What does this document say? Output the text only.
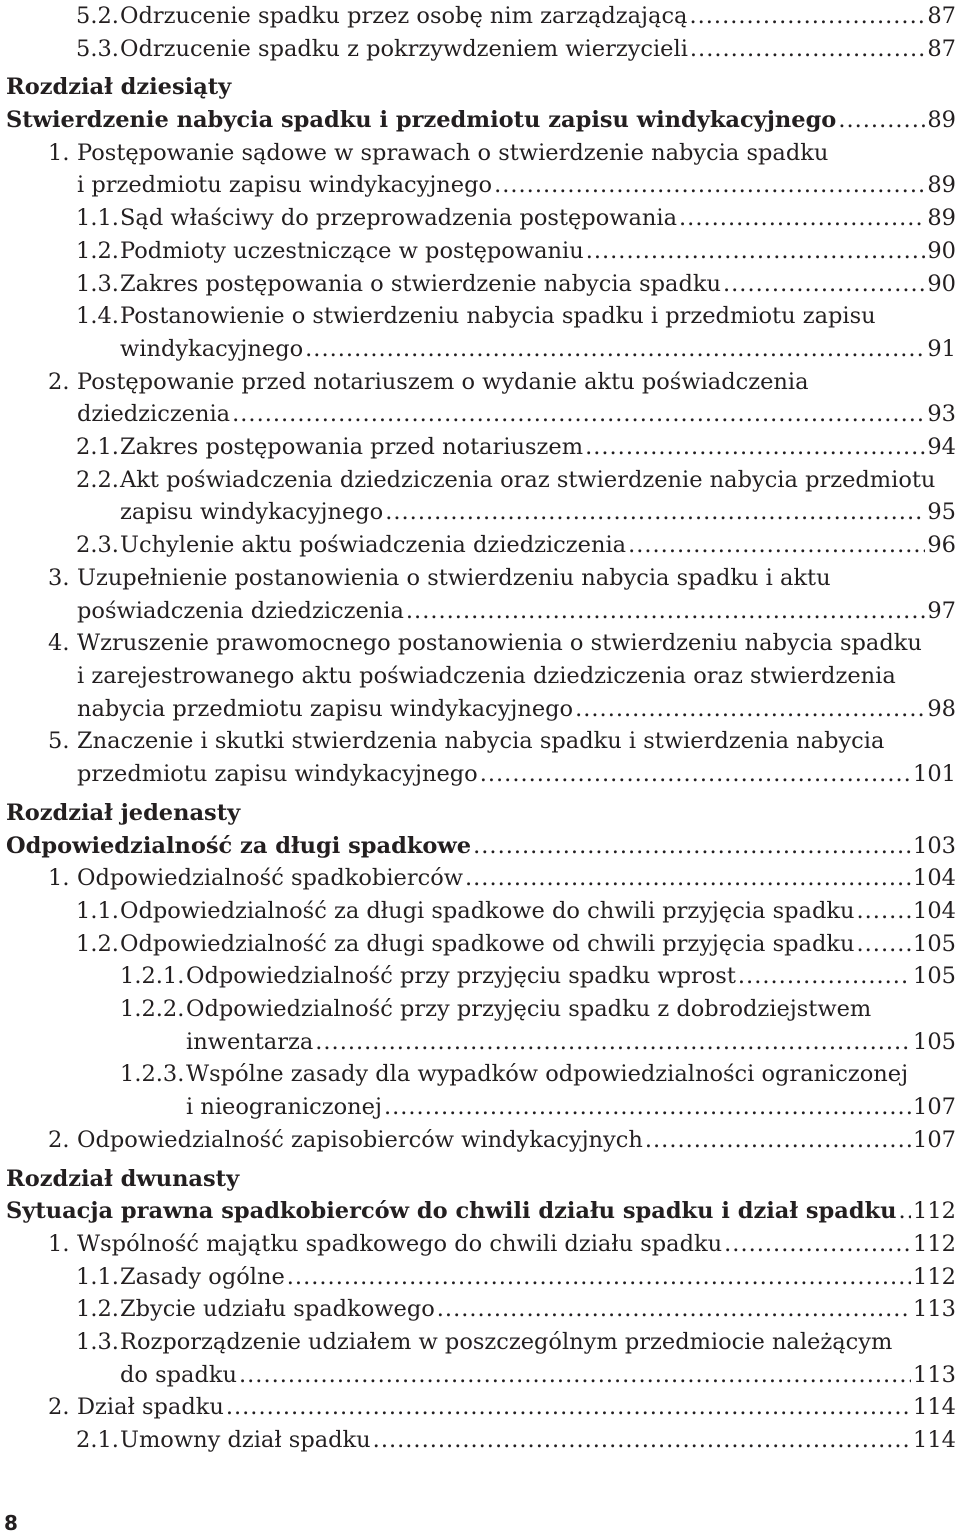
5.2. Odrzucenie spadku przez osobę nim zarządzającą .....	87
5.3. Odrzucenie spadku z pokrzywdzeniem wierzycieli .....	87
Rozdział dziesiąty
Stwierdzenie nabycia spadku i przedmiotu zapisu windykacyjnego .....	89
1. Postępowanie sądowe w sprawach o stwierdzenie nabycia spadku
i przedmiotu zapisu windykacyjnego .....	89
1.1. Sąd właściwy do przeprowadzenia postępowania .....	89
1.2. Podmioty uczestniczące w postępowaniu .....	90
1.3. Zakres postępowania o stwierdzenie nabycia spadku .....	90
1.4. Postanowienie o stwierdzeniu nabycia spadku i przedmiotu zapisu
windykacyjnego .....	91
2. Postępowanie przed notariuszem o wydanie aktu poświadczenia
dziedziczenia .....	93
2.1. Zakres postępowania przed notariuszem .....	94
2.2. Akt poświadczenia dziedziczenia oraz stwierdzenie nabycia przedmiotu
zapisu windykacyjnego .....	95
2.3. Uchylenie aktu poświadczenia dziedziczenia .....	96
3. Uzupełnienie postanowienia o stwierdzeniu nabycia spadku i aktu
poświadczenia dziedziczenia .....	97
4. Wzruszenie prawomocnego postanowienia o stwierdzeniu nabycia spadku
i zarejestrowanego aktu poświadczenia dziedziczenia oraz stwierdzenia
nabycia przedmiotu zapisu windykacyjnego .....	98
5. Znaczenie i skutki stwierdzenia nabycia spadku i stwierdzenia nabycia
przedmiotu zapisu windykacyjnego .....	101
Rozdział jedenasty
Odpowiedzialność za długi spadkowe .....	103
1. Odpowiedzialność spadkobierców .....	104
1.1. Odpowiedzialność za długi spadkowe do chwili przyjęcia spadku .....	104
1.2. Odpowiedzialność za długi spadkowe od chwili przyjęcia spadku .....	105
1.2.1. Odpowiedzialność przy przyjęciu spadku wprost .....	105
1.2.2. Odpowiedzialność przy przyjęciu spadku z dobrodziejstwem
inwentarza .....	105
1.2.3. Wspólne zasady dla wypadków odpowiedzialności ograniczonej
i nieograniczonej .....	107
2. Odpowiedzialność zapisobierców windykacyjnych .....	107
Rozdział dwunasty
Sytuacja prawna spadkobierców do chwili działu spadku i dział spadku ..... 112
1. Wspólność majątku spadkowego do chwili działu spadku .....	112
1.1. Zasady ogólne .....	112
1.2. Zbycie udziału spadkowego .....	113
1.3. Rozporządzenie udziałem w poszczególnym przedmiocie należącym
do spadku .....	113
2. Dział spadku .....	114
2.1. Umowny dział spadku .....	114
8
